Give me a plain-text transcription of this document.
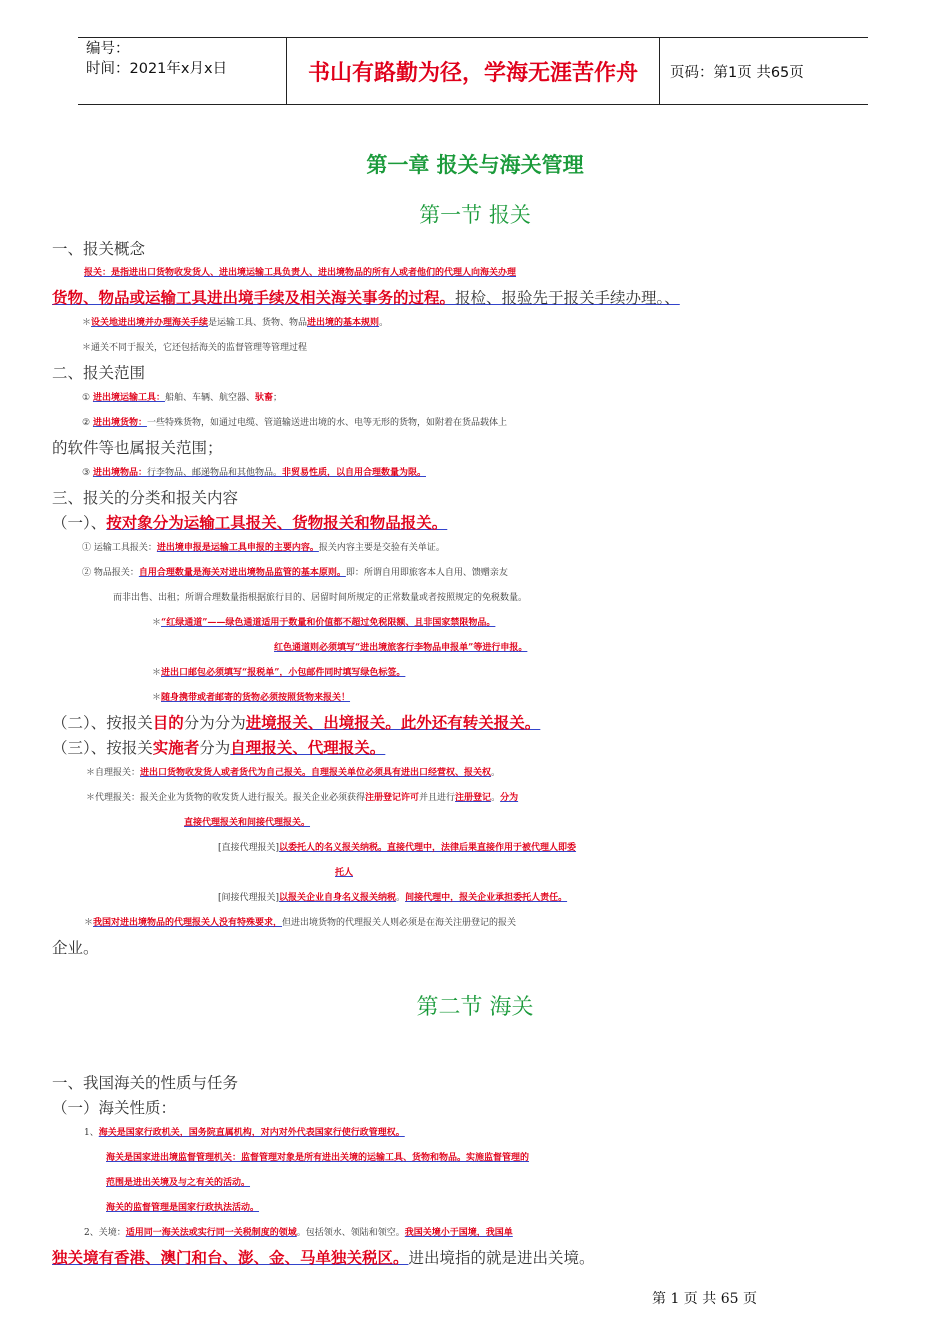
编号：
时间：2021年x月x日	书山有路勤为径，学海无涯苦作舟	页码：第1页 共65页
第一章 报关与海关管理
第一节 报关
一、报关概念
报关：是指进出口货物收发货人、进出境运输工具负责人、进出境物品的所有人或者他们的代理人向海关办理
货物、物品或运输工具进出境手续及相关海关事务的过程。报检、报验先于报关手续办理。、
＊设关地进出境并办理海关手续是运输工具、货物、物品进出境的基本规则。
＊通关不同于报关，它还包括海关的监督管理等管理过程
二、报关范围
① 进出境运输工具：船舶、车辆、航空器、驮畜；
② 进出境货物：一些特殊货物，如通过电缆、管道输送进出境的水、电等无形的货物，如附着在货品载体上
的软件等也属报关范围；
③ 进出境物品：行李物品、邮递物品和其他物品。非贸易性质，以自用合理数量为限。
三、报关的分类和报关内容
（一）、按对象分为运输工具报关、货物报关和物品报关。
① 运输工具报关：进出境申报是运输工具申报的主要内容。报关内容主要是交验有关单证。
② 物品报关：自用合理数量是海关对进出境物品监管的基本原则。即：所谓自用即旅客本人自用、馈赠亲友
而非出售、出租；所谓合理数量指根据旅行目的、居留时间所规定的正常数量或者按照规定的免税数量。
＊“红绿通道”——绿色通道适用于数量和价值都不超过免税限额、且非国家禁限物品。
红色通道则必须填写“进出境旅客行李物品申报单”等进行申报。
＊进出口邮包必须填写“报税单”，小包邮件同时填写绿色标签。
＊随身携带或者邮寄的货物必须按照货物来报关！
（二）、按报关目的分为分为进境报关、出境报关。此外还有转关报关。
（三）、按报关实施者分为自理报关、代理报关。
＊自理报关：进出口货物收发货人或者货代为自己报关。自理报关单位必须具有进出口经营权、报关权。
＊代理报关：报关企业为货物的收发货人进行报关。报关企业必须获得注册登记许可并且进行注册登记。分为
直接代理报关和间接代理报关。
[直接代理报关]以委托人的名义报关纳税。直接代理中，法律后果直接作用于被代理人即委
托人
[间接代理报关]以报关企业自身名义报关纳税。间接代理中，报关企业承担委托人责任。
＊我国对进出境物品的代理报关人没有特殊要求，但进出境货物的代理报关人则必须是在海关注册登记的报关
企业。
第二节 海关
一、我国海关的性质与任务
（一）海关性质：
1、海关是国家行政机关，国务院直属机构，对内对外代表国家行使行政管理权。
海关是国家进出境监督管理机关：监督管理对象是所有进出关境的运输工具、货物和物品。实施监督管理的
范围是进出关境及与之有关的活动。
海关的监督管理是国家行政执法活动。
2、关境：适用同一海关法或实行同一关税制度的领域。包括领水、领陆和领空。我国关境小于国境，我国单
独关境有香港、澳门和台、澎、金、马单独关税区。进出境指的就是进出关境。
第 1 页 共 65 页
